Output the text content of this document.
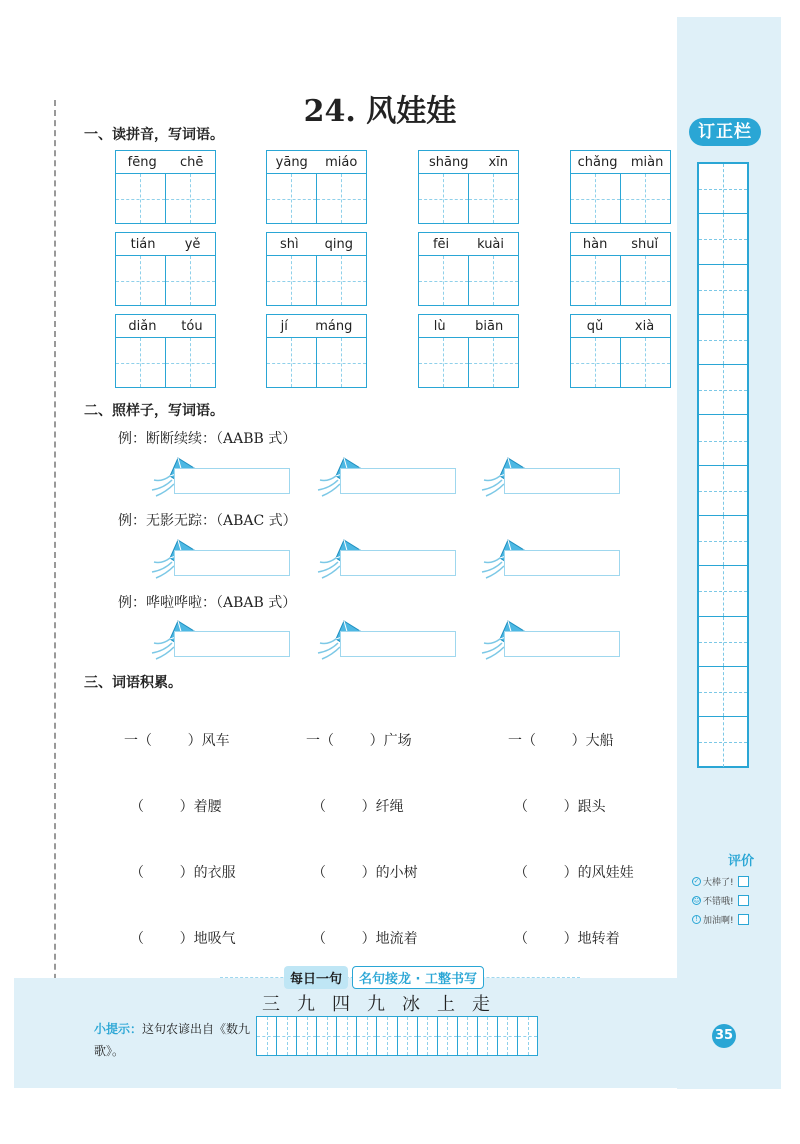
24. 风娃娃
一、读拼音，写词语。
fēng chē	yāng miáo	shāng xīn	chǎng miàn
tián yě	shì qing	fēi kuài	hàn shuǐ
diǎn tóu	jí máng	lù biān	qǔ xià
二、照样子，写词语。
例：断断续续：（AABB 式）
例：无影无踪：（ABAC 式）
例：哗啦哗啦：（ABAB 式）
三、词语积累。
一（        ）风车	一（        ）广场	一（        ）大船
（        ）着腰	（        ）纤绳	（        ）跟头
（        ）的衣服	（        ）的小树	（        ）的风娃娃
（        ）地吸气	（        ）地流着	（        ）地转着
每日一句	名句接龙 · 工整书写
三九四九冰上走
小提示：这句农谚出自《数九歌》。
订正栏
评价
✓ 大棒了!
☺ 不错哦!
! 加油啊!
35
